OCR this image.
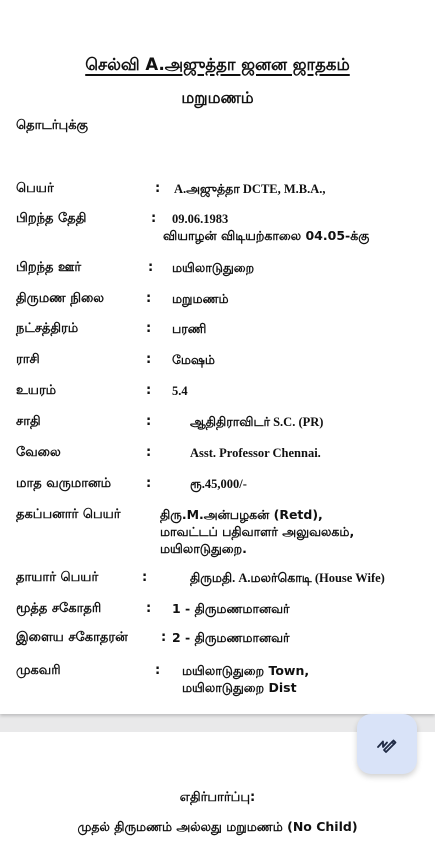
செல்வி A.அஜுத்தா ஜனன ஜாதகம்
மறுமணம்
தொடர்புக்கு
பெயர்	: A.அஜுத்தா DCTE, M.B.A.,
பிறந்த தேதி	: 09.06.1983
வியாழன் விடியற்காலை 04.05-க்கு
பிறந்த ஊர்	: மயிலாடுதுறை
திருமண நிலை	: மறுமணம்
நட்சத்திரம்	: பரணி
ராசி	: மேஷம்
உயரம்	: 5.4
சாதி	:	ஆதிதிராவிடர் S.C. (PR)
வேலை	:	Asst. Professor Chennai.
மாத வருமானம்	:	ரூ.45,000/-
தகப்பனார் பெயர்	திரு.M.அன்பழகன் (Retd),
மாவட்டப் பதிவாளர் அலுவலகம்,
மயிலாடுதுறை.
தாயார் பெயர்	:	திருமதி. A.மலர்கொடி (House Wife)
மூத்த சகோதரி	: 1 - திருமணமானவர்
இளைய சகோதரன்	: 2 - திருமணமானவர்
முகவரி	: மயிலாடுதுறை Town,
மயிலாடுதுறை Dist
எதிர்பார்ப்பு:
முதல் திருமணம் அல்லது மறுமணம் (No Child)
